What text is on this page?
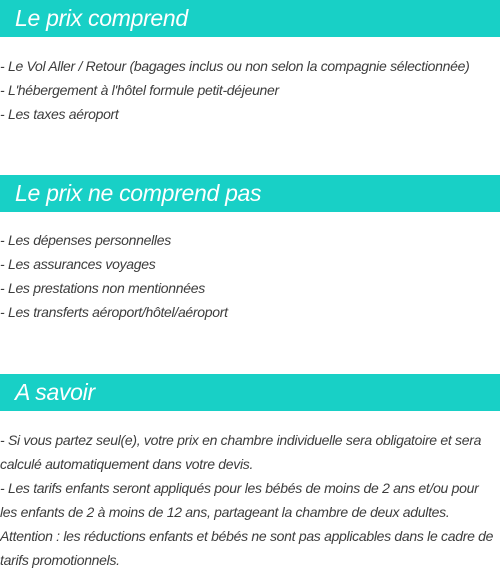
Le prix comprend
- Le Vol Aller / Retour (bagages inclus ou non selon la compagnie sélectionnée)
- L'hébergement à l'hôtel formule petit-déjeuner
- Les taxes aéroport
Le prix ne comprend pas
- Les dépenses personnelles
- Les assurances voyages
- Les prestations non mentionnées
- Les transferts aéroport/hôtel/aéroport
A savoir

- Si vous partez seul(e), votre prix en chambre individuelle sera obligatoire et sera calculé automatiquement dans votre devis.

- Les tarifs enfants seront appliqués pour les bébés de moins de 2 ans et/ou pour les enfants de 2 à moins de 12 ans, partageant la chambre de deux adultes.

Attention : les réductions enfants et bébés ne sont pas applicables dans le cadre de tarifs promotionnels.
